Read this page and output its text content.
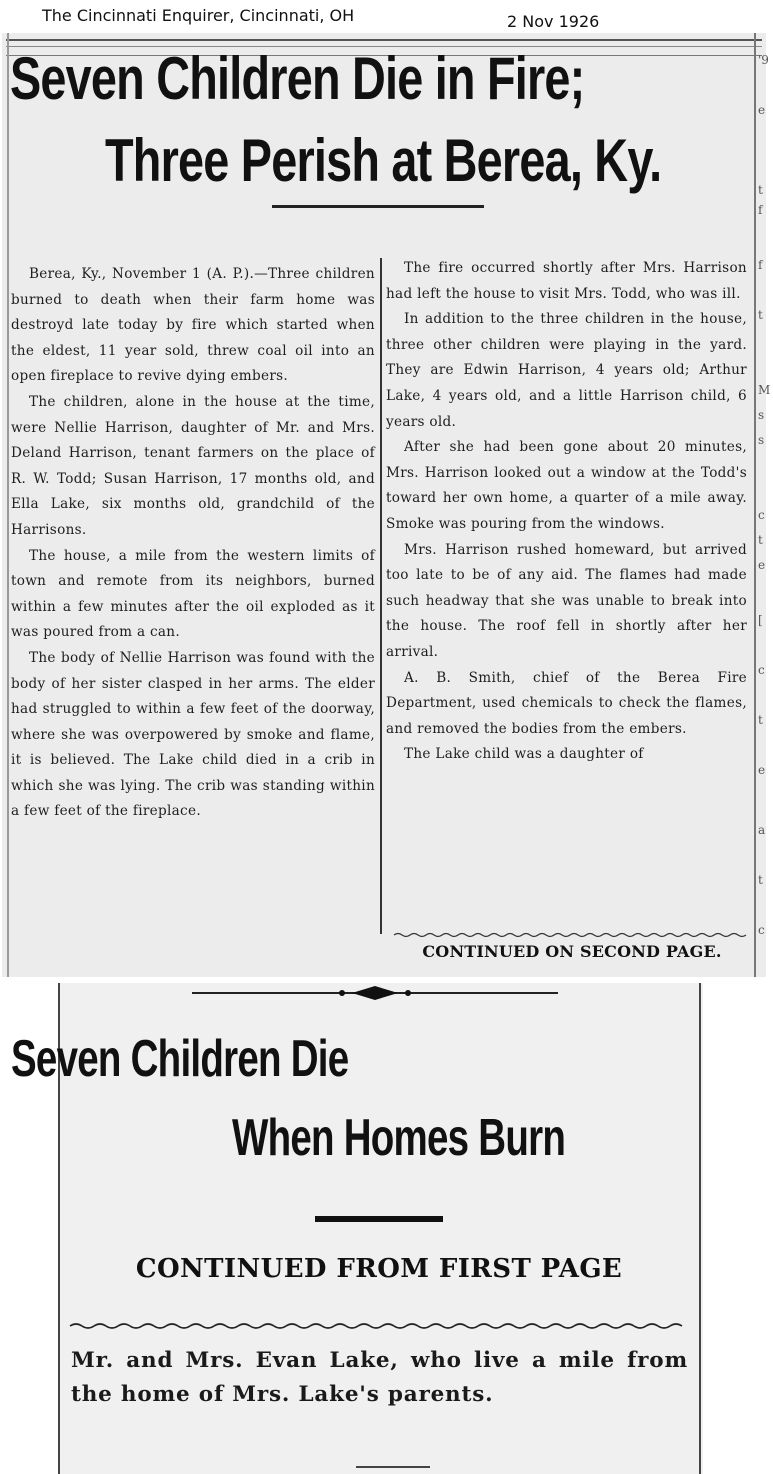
The Cincinnati Enquirer, Cincinnati, OH	2 Nov 1926
'9
e
t
f
f
t
M
s
s
c
t
e
[
c
t
e
a
t
c
Seven Children Die in Fire;
Three Perish at Berea, Ky.

Berea, Ky., November 1 (A. P.).—Three children burned to death when their farm home was destroyd late today by fire which started when the eldest, 11 year sold, threw coal oil into an open fireplace to revive dying embers.

The children, alone in the house at the time, were Nellie Harrison, daughter of Mr. and Mrs. Deland Harrison, tenant farmers on the place of R. W. Todd; Susan Harrison, 17 months old, and Ella Lake, six months old, grandchild of the Harrisons.

The house, a mile from the western limits of town and remote from its neighbors, burned within a few minutes after the oil exploded as it was poured from a can.

The body of Nellie Harrison was found with the body of her sister clasped in her arms. The elder had struggled to within a few feet of the doorway, where she was overpowered by smoke and flame, it is believed. The Lake child died in a crib in which she was lying. The crib was standing within a few feet of the fireplace.

The fire occurred shortly after Mrs. Harrison had left the house to visit Mrs. Todd, who was ill.

In addition to the three children in the house, three other children were playing in the yard. They are Edwin Harrison, 4 years old; Arthur Lake, 4 years old, and a little Harrison child, 6 years old.

After she had been gone about 20 minutes, Mrs. Harrison looked out a window at the Todd's toward her own home, a quarter of a mile away. Smoke was pouring from the windows.

Mrs. Harrison rushed homeward, but arrived too late to be of any aid. The flames had made such headway that she was unable to break into the house. The roof fell in shortly after her arrival.

A. B. Smith, chief of the Berea Fire Department, used chemicals to check the flames, and removed the bodies from the embers.

The Lake child was a daughter of

CONTINUED ON SECOND PAGE.
Seven Children Die
When Homes Burn
CONTINUED FROM FIRST PAGE

Mr. and Mrs. Evan Lake, who live a mile from the home of Mrs. Lake's parents.
